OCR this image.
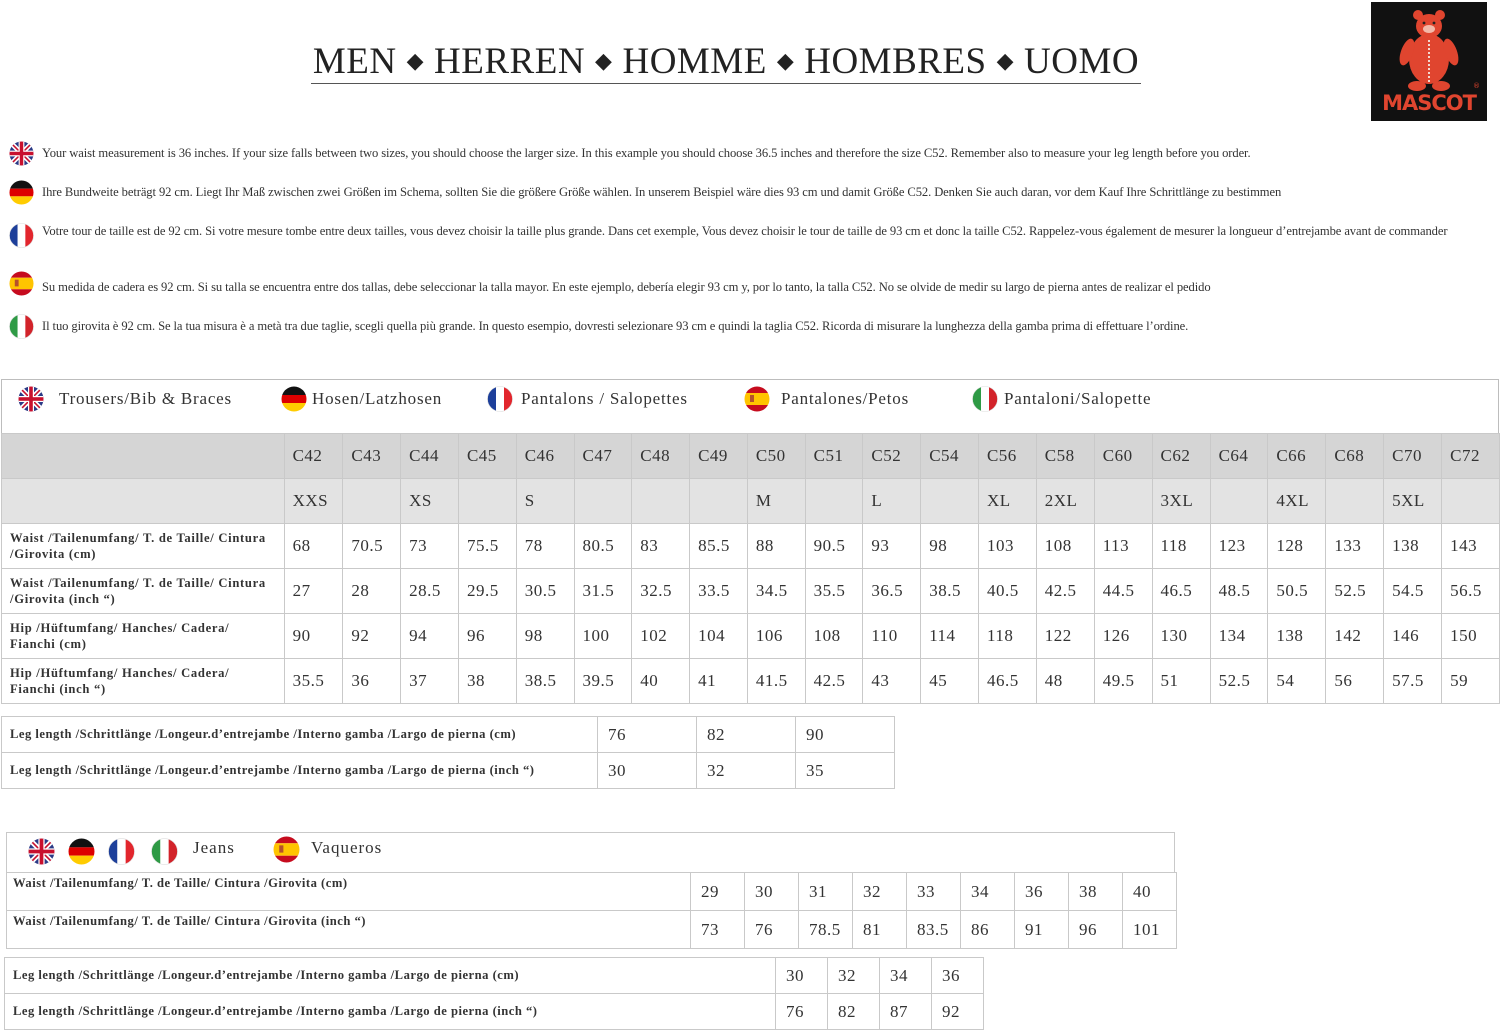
MEN ◆ HERREN ◆ HOMME ◆ HOMBRES ◆ UOMO
MASCOT
®
Your waist measurement is 36 inches. If your size falls between two sizes, you should choose the larger size. In this example you should choose 36.5 inches and therefore the size C52. Remember also to measure your leg length before you order.
Ihre Bundweite beträgt 92 cm. Liegt Ihr Maß zwischen zwei Größen im Schema, sollten Sie die größere Größe wählen. In unserem Beispiel wäre dies 93 cm und damit Größe C52. Denken Sie auch daran, vor dem Kauf Ihre Schrittlänge zu bestimmen
Votre tour de taille est de 92 cm. Si votre mesure tombe entre deux tailles, vous devez choisir la taille plus grande. Dans cet exemple, Vous devez choisir le tour de taille de 93 cm et donc la taille C52. Rappelez-vous également de mesurer la longueur d’entrejambe avant de commander
Su medida de cadera es 92 cm. Si su talla se encuentra entre dos tallas, debe seleccionar la talla mayor. En este ejemplo, debería elegir 93 cm y, por lo tanto, la talla C52. No se olvide de medir su largo de pierna antes de realizar el pedido
Il tuo girovita è 92 cm. Se la tua misura è a metà tra due taglie, scegli quella più grande. In questo esempio, dovresti selezionare 93 cm e quindi la taglia C52. Ricorda di misurare la lunghezza della gamba prima di effettuare l’ordine.
Trousers/Bib & Braces	Hosen/Latzhosen	Pantalons / Salopettes	Pantalones/Petos	Pantaloni/Salopette
	C42	C43	C44	C45	C46	C47	C48	C49	C50	C51	C52	C54	C56	C58	C60	C62	C64	C66	C68	C70	C72
	XXS		XS		S				M		L		XL	2XL		3XL		4XL		5XL	
Waist /Tailenumfang/ T. de Taille/ Cintura /Girovita (cm)	68	70.5	73	75.5	78	80.5	83	85.5	88	90.5	93	98	103	108	113	118	123	128	133	138	143
Waist /Tailenumfang/ T. de Taille/ Cintura /Girovita (inch “)	27	28	28.5	29.5	30.5	31.5	32.5	33.5	34.5	35.5	36.5	38.5	40.5	42.5	44.5	46.5	48.5	50.5	52.5	54.5	56.5
Hip /Hüftumfang/ Hanches/ Cadera/ Fianchi (cm)	90	92	94	96	98	100	102	104	106	108	110	114	118	122	126	130	134	138	142	146	150
Hip /Hüftumfang/ Hanches/ Cadera/ Fianchi (inch “)	35.5	36	37	38	38.5	39.5	40	41	41.5	42.5	43	45	46.5	48	49.5	51	52.5	54	56	57.5	59
Leg length /Schrittlänge /Longeur.d’entrejambe /Interno gamba /Largo de pierna (cm)	76	82	90
Leg length /Schrittlänge /Longeur.d’entrejambe /Interno gamba /Largo de pierna (inch “)	30	32	35
Jeans	Vaqueros
Waist /Tailenumfang/ T. de Taille/ Cintura /Girovita (cm)	29	30	31	32	33	34	36	38	40
Waist /Tailenumfang/ T. de Taille/ Cintura /Girovita (inch “)	73	76	78.5	81	83.5	86	91	96	101
Leg length /Schrittlänge /Longeur.d’entrejambe /Interno gamba /Largo de pierna (cm)	30	32	34	36
Leg length /Schrittlänge /Longeur.d’entrejambe /Interno gamba /Largo de pierna (inch “)	76	82	87	92
